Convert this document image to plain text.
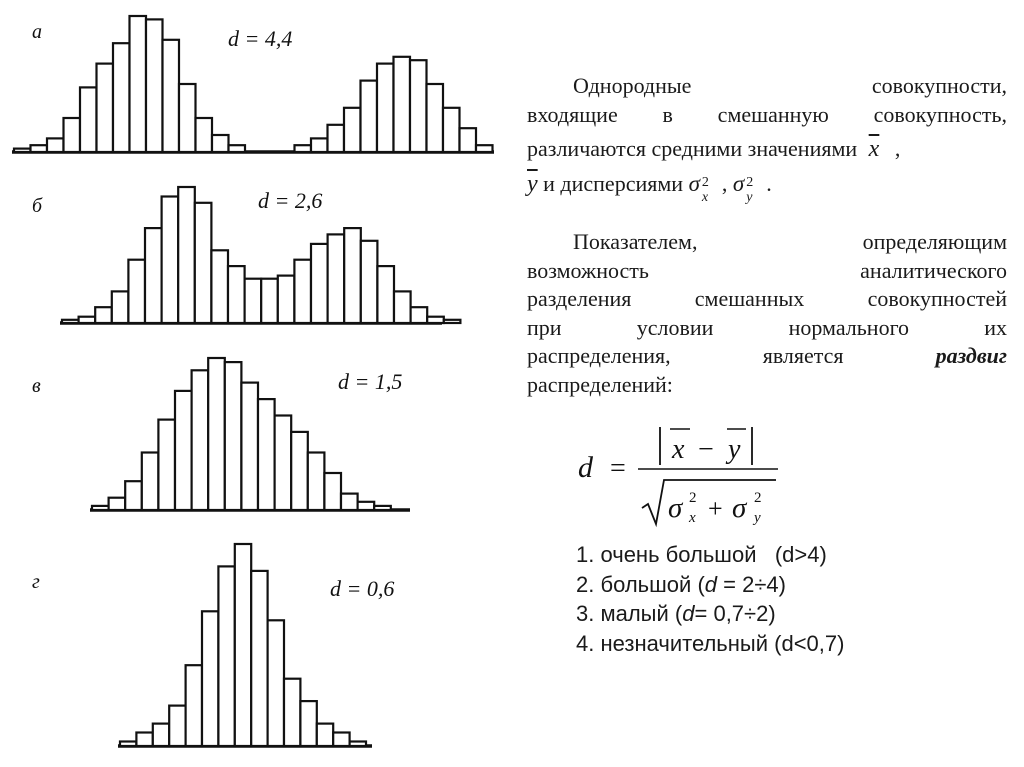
а	d = 4,4
б	d = 2,6
в	d = 1,5
г	d = 0,6
Однородные	совокупности,
входящие в смешанную совокупность,
различаются средними значениями $\overline{x}$ ,
$\overline{y}$ и дисперсиями σ 2
x
, σ 2
y
.
Показателем,	определяющим
возможность	аналитического
разделения смешанных совокупностей
при	условии	нормального	их
распределения,	является	раздвиг
распределений:
d =
x − y
σ 2
x + σ 2
y
1. очень большой (d>4)
2. большой (d = 2÷4)
3. малый (d= 0,7÷2)
4. незначительный (d<0,7)
